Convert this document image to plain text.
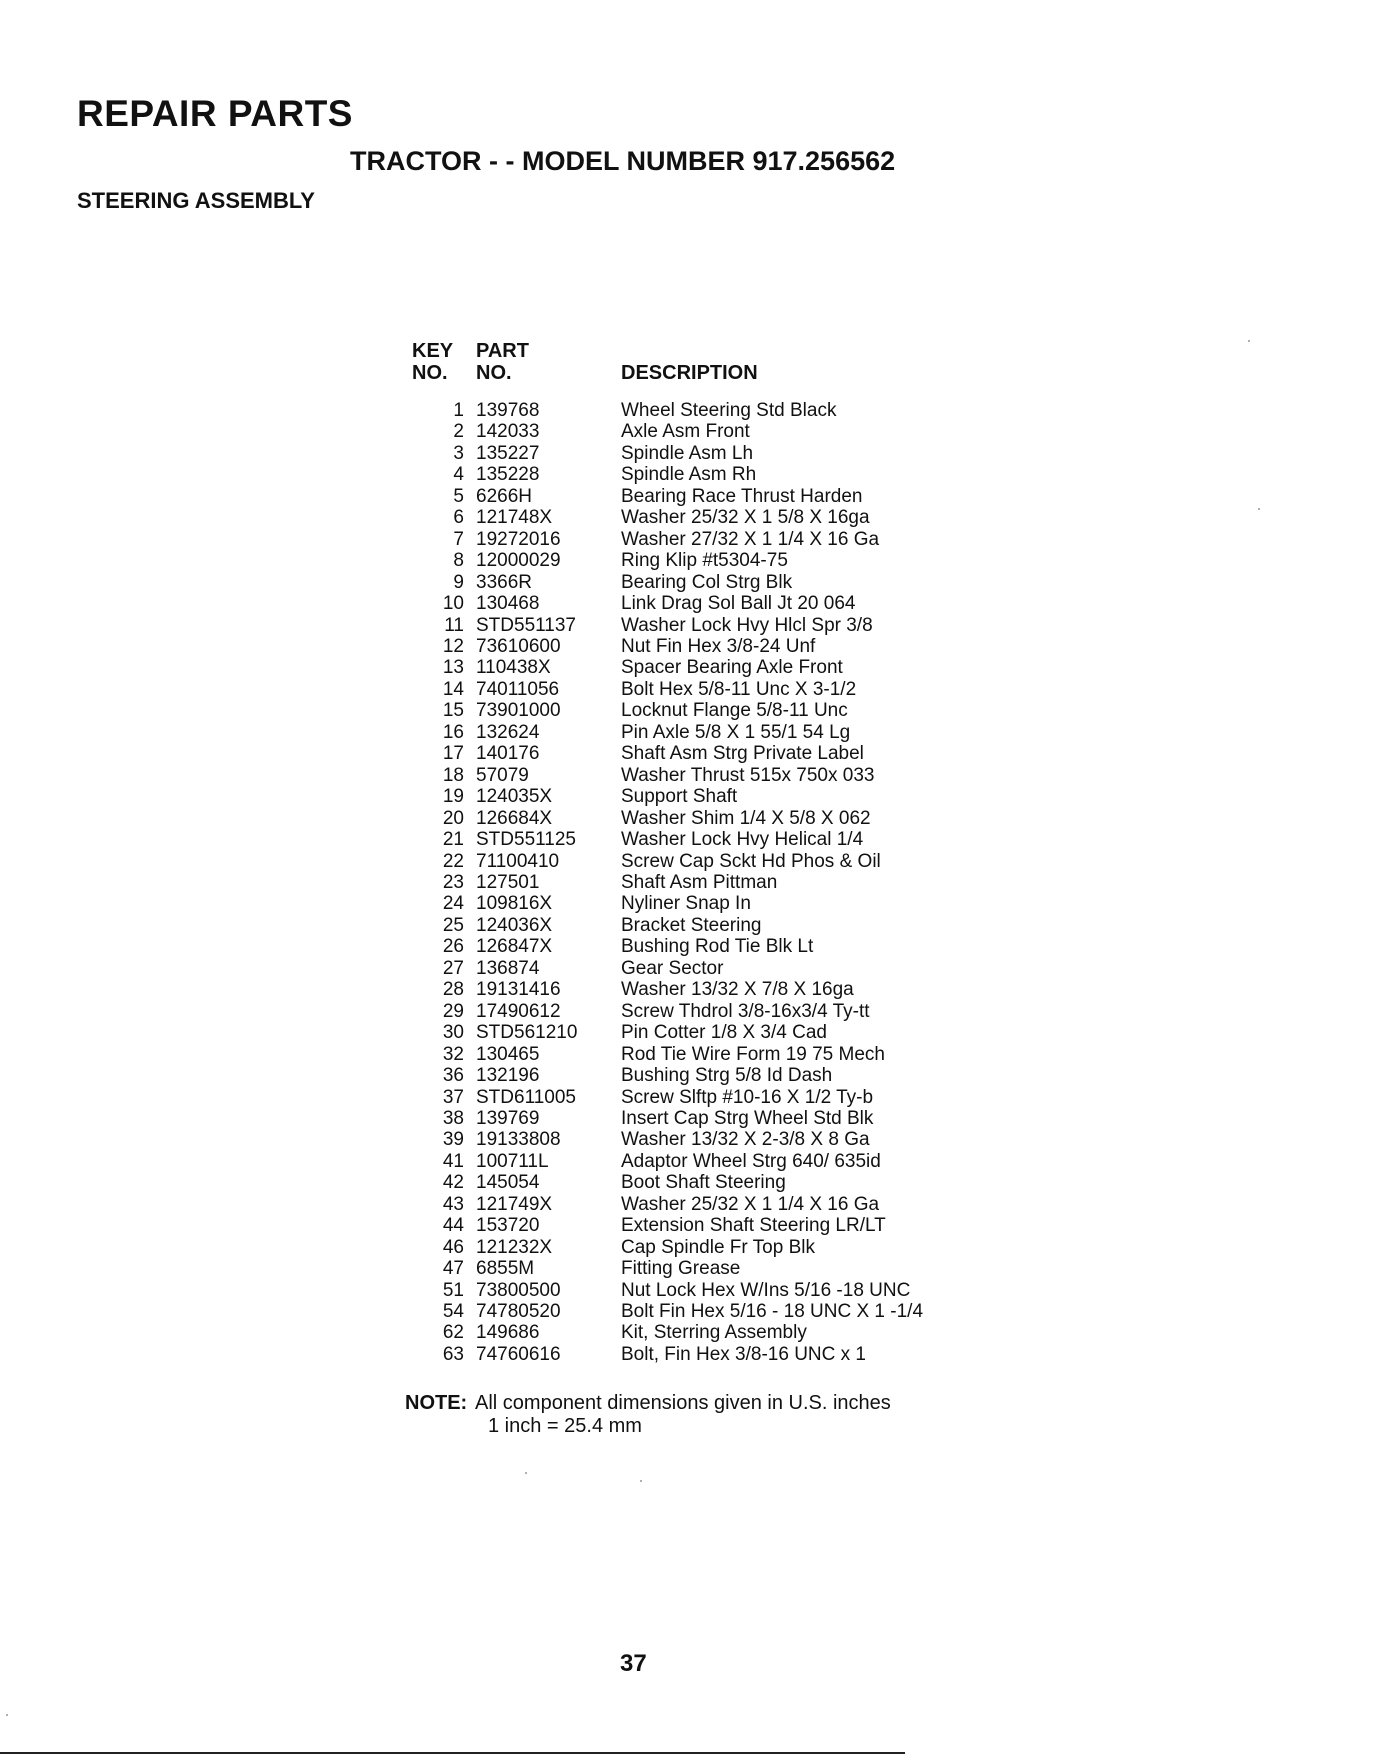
REPAIR PARTS
TRACTOR - - MODEL NUMBER 917.256562
STEERING ASSEMBLY
KEY	PART	
NO.	NO.	DESCRIPTION

1	139768	Wheel Steering Std Black
2	142033	Axle Asm Front
3	135227	Spindle Asm Lh
4	135228	Spindle Asm Rh
5	6266H	Bearing Race Thrust Harden
6	121748X	Washer 25/32 X 1 5/8 X 16ga
7	19272016	Washer 27/32 X 1 1/4 X 16 Ga
8	12000029	Ring Klip #t5304-75
9	3366R	Bearing Col Strg Blk
10	130468	Link Drag Sol Ball Jt 20 064
11	STD551137	Washer Lock Hvy Hlcl Spr 3/8
12	73610600	Nut Fin Hex 3/8-24 Unf
13	110438X	Spacer Bearing Axle Front
14	74011056	Bolt Hex 5/8-11 Unc X 3-1/2
15	73901000	Locknut Flange 5/8-11 Unc
16	132624	Pin Axle 5/8 X 1 55/1 54 Lg
17	140176	Shaft Asm Strg Private Label
18	57079	Washer Thrust 515x 750x 033
19	124035X	Support Shaft
20	126684X	Washer Shim 1/4 X 5/8 X 062
21	STD551125	Washer Lock Hvy Helical 1/4
22	71100410	Screw Cap Sckt Hd Phos & Oil
23	127501	Shaft Asm Pittman
24	109816X	Nyliner Snap In
25	124036X	Bracket Steering
26	126847X	Bushing Rod Tie Blk Lt
27	136874	Gear Sector
28	19131416	Washer 13/32 X 7/8 X 16ga
29	17490612	Screw Thdrol 3/8-16x3/4 Ty-tt
30	STD561210	Pin Cotter 1/8 X 3/4 Cad
32	130465	Rod Tie Wire Form 19 75 Mech
36	132196	Bushing Strg 5/8 Id Dash
37	STD611005	Screw Slftp #10-16 X 1/2 Ty-b
38	139769	Insert Cap Strg Wheel Std Blk
39	19133808	Washer 13/32 X 2-3/8 X 8 Ga
41	100711L	Adaptor Wheel Strg 640/ 635id
42	145054	Boot Shaft Steering
43	121749X	Washer 25/32 X 1 1/4 X 16 Ga
44	153720	Extension Shaft Steering LR/LT
46	121232X	Cap Spindle Fr Top Blk
47	6855M	Fitting Grease
51	73800500	Nut Lock Hex W/Ins 5/16 -18 UNC
54	74780520	Bolt Fin Hex 5/16 - 18 UNC X 1 -1/4
62	149686	Kit, Sterring Assembly
63	74760616	Bolt, Fin Hex 3/8-16 UNC x 1
NOTE: All component dimensions given in U.S. inches
1 inch = 25.4 mm
37
